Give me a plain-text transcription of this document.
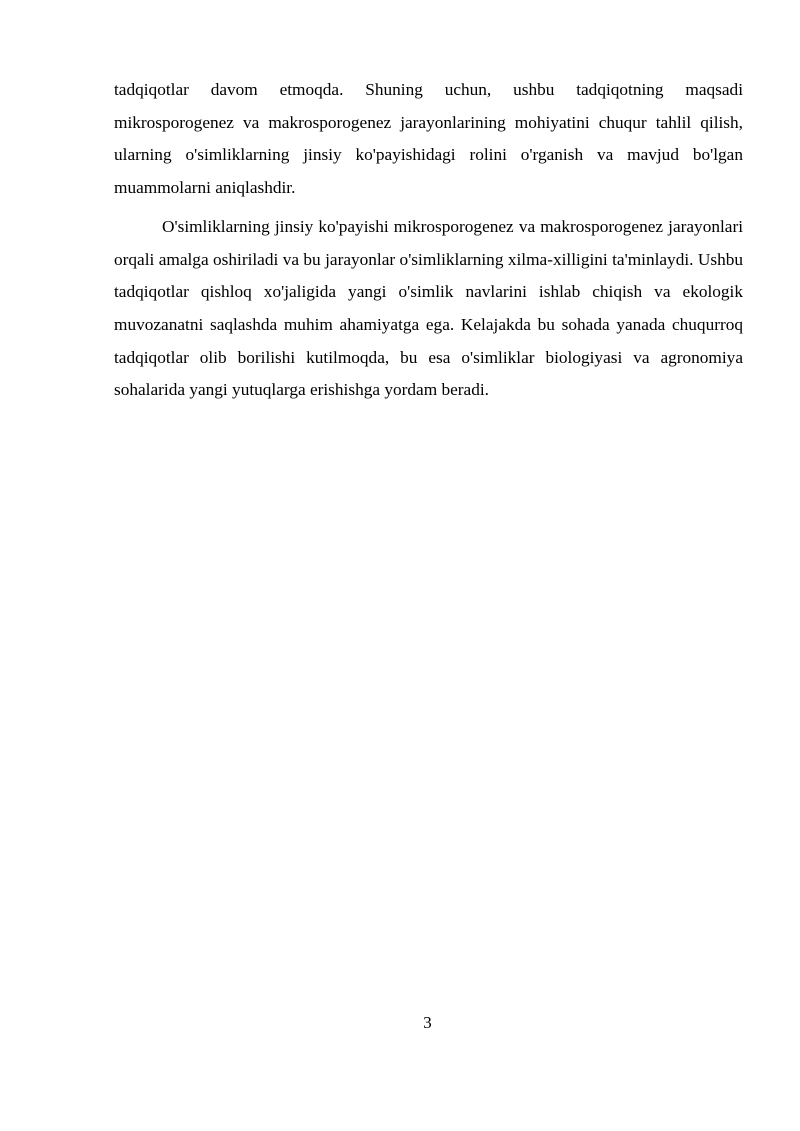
tadqiqotlar davom etmoqda. Shuning uchun, ushbu tadqiqotning maqsadi mikrosporogenez va makrosporogenez jarayonlarining mohiyatini chuqur tahlil qilish, ularning o'simliklarning jinsiy ko'payishidagi rolini o'rganish va mavjud bo'lgan muammolarni aniqlashdir.

O'simliklarning jinsiy ko'payishi mikrosporogenez va makrosporogenez jarayonlari orqali amalga oshiriladi va bu jarayonlar o'simliklarning xilma-xilligini ta'minlaydi. Ushbu tadqiqotlar qishloq xo'jaligida yangi o'simlik navlarini ishlab chiqish va ekologik muvozanatni saqlashda muhim ahamiyatga ega. Kelajakda bu sohada yanada chuqurroq tadqiqotlar olib borilishi kutilmoqda, bu esa o'simliklar biologiyasi va agronomiya sohalarida yangi yutuqlarga erishishga yordam beradi.

3
